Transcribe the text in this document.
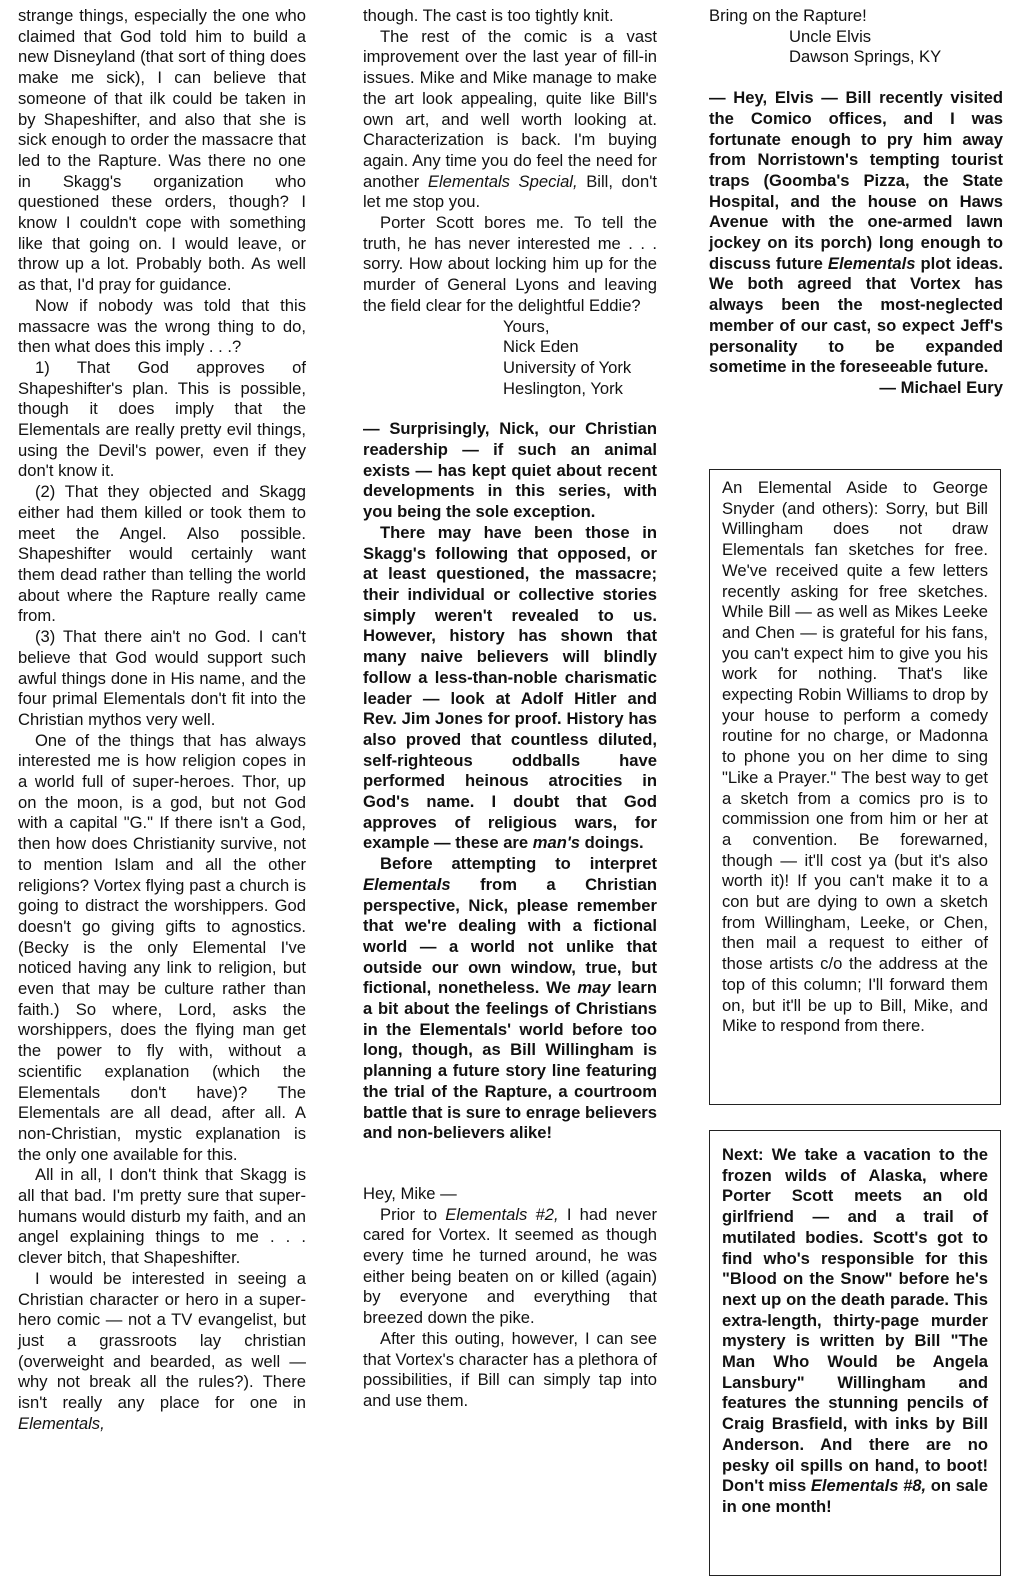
strange things, especially the one who claimed that God told him to build a new Disneyland (that sort of thing does make me sick), I can believe that someone of that ilk could be taken in by Shapeshifter, and also that she is sick enough to order the massacre that led to the Rapture. Was there no one in Skagg's organization who questioned these orders, though? I know I couldn't cope with something like that going on. I would leave, or throw up a lot. Probably both. As well as that, I'd pray for guidance.

Now if nobody was told that this massacre was the wrong thing to do, then what does this imply . . .?

1) That God approves of Shapeshifter's plan. This is possible, though it does imply that the Elementals are really pretty evil things, using the Devil's power, even if they don't know it.

(2) That they objected and Skagg either had them killed or took them to meet the Angel. Also possible. Shapeshifter would certainly want them dead rather than telling the world about where the Rapture really came from.

(3) That there ain't no God. I can't believe that God would support such awful things done in His name, and the four primal Elementals don't fit into the Christian mythos very well.

One of the things that has always interested me is how religion copes in a world full of super-heroes. Thor, up on the moon, is a god, but not God with a capital "G." If there isn't a God, then how does Christianity survive, not to mention Islam and all the other religions? Vortex flying past a church is going to distract the worshippers. God doesn't go giving gifts to agnostics. (Becky is the only Elemental I've noticed having any link to religion, but even that may be culture rather than faith.) So where, Lord, asks the worshippers, does the flying man get the power to fly with, without a scientific explanation (which the Elementals don't have)? The Elementals are all dead, after all. A non-Christian, mystic explanation is the only one available for this.

All in all, I don't think that Skagg is all that bad. I'm pretty sure that super-humans would disturb my faith, and an angel explaining things to me . . . clever bitch, that Shapeshifter.

I would be interested in seeing a Christian character or hero in a super-hero comic — not a TV evangelist, but just a grassroots lay christian (overweight and bearded, as well — why not break all the rules?). There isn't really any place for one in Elementals,

though. The cast is too tightly knit.

The rest of the comic is a vast improvement over the last year of fill-in issues. Mike and Mike manage to make the art look appealing, quite like Bill's own art, and well worth looking at. Characterization is back. I'm buying again. Any time you do feel the need for another Elementals Special, Bill, don't let me stop you.

Porter Scott bores me. To tell the truth, he has never interested me . . . sorry. How about locking him up for the murder of General Lyons and leaving the field clear for the delightful Eddie?

Yours,

Nick Eden

University of York

Heslington, York

— Surprisingly, Nick, our Christian readership — if such an animal exists — has kept quiet about recent developments in this series, with you being the sole exception.

There may have been those in Skagg's following that opposed, or at least questioned, the massacre; their individual or collective stories simply weren't revealed to us. However, history has shown that many naive believers will blindly follow a less-than-noble charismatic leader — look at Adolf Hitler and Rev. Jim Jones for proof. History has also proved that countless diluted, self-righteous oddballs have performed heinous atrocities in God's name. I doubt that God approves of religious wars, for example — these are man's doings.

Before attempting to interpret Elementals from a Christian perspective, Nick, please remember that we're dealing with a fictional world — a world not unlike that outside our own window, true, but fictional, nonetheless. We may learn a bit about the feelings of Christians in the Elementals' world before too long, though, as Bill Willingham is planning a future story line featuring the trial of the Rapture, a courtroom battle that is sure to enrage believers and non-believers alike!

Hey, Mike —

Prior to Elementals #2, I had never cared for Vortex. It seemed as though every time he turned around, he was either being beaten on or killed (again) by everyone and everything that breezed down the pike.

After this outing, however, I can see that Vortex's character has a plethora of possibilities, if Bill can simply tap into and use them.

Bring on the Rapture!

Uncle Elvis

Dawson Springs, KY

— Hey, Elvis — Bill recently visited the Comico offices, and I was fortunate enough to pry him away from Norristown's tempting tourist traps (Goomba's Pizza, the State Hospital, and the house on Haws Avenue with the one-armed lawn jockey on its porch) long enough to discuss future Elementals plot ideas. We both agreed that Vortex has always been the most-neglected member of our cast, so expect Jeff's personality to be expanded sometime in the foreseeable future.

— Michael Eury

An Elemental Aside to George Snyder (and others): Sorry, but Bill Willingham does not draw Elementals fan sketches for free. We've received quite a few letters recently asking for free sketches. While Bill — as well as Mikes Leeke and Chen — is grateful for his fans, you can't expect him to give you his work for nothing. That's like expecting Robin Williams to drop by your house to perform a comedy routine for no charge, or Madonna to phone you on her dime to sing "Like a Prayer." The best way to get a sketch from a comics pro is to commission one from him or her at a convention. Be forewarned, though — it'll cost ya (but it's also worth it)! If you can't make it to a con but are dying to own a sketch from Willingham, Leeke, or Chen, then mail a request to either of those artists c/o the address at the top of this column; I'll forward them on, but it'll be up to Bill, Mike, and Mike to respond from there.

Next: We take a vacation to the frozen wilds of Alaska, where Porter Scott meets an old girlfriend — and a trail of mutilated bodies. Scott's got to find who's responsible for this "Blood on the Snow" before he's next up on the death parade. This extra-length, thirty-page murder mystery is written by Bill "The Man Who Would be Angela Lansbury" Willingham and features the stunning pencils of Craig Brasfield, with inks by Bill Anderson. And there are no pesky oil spills on hand, to boot! Don't miss Elementals #8, on sale in one month!
